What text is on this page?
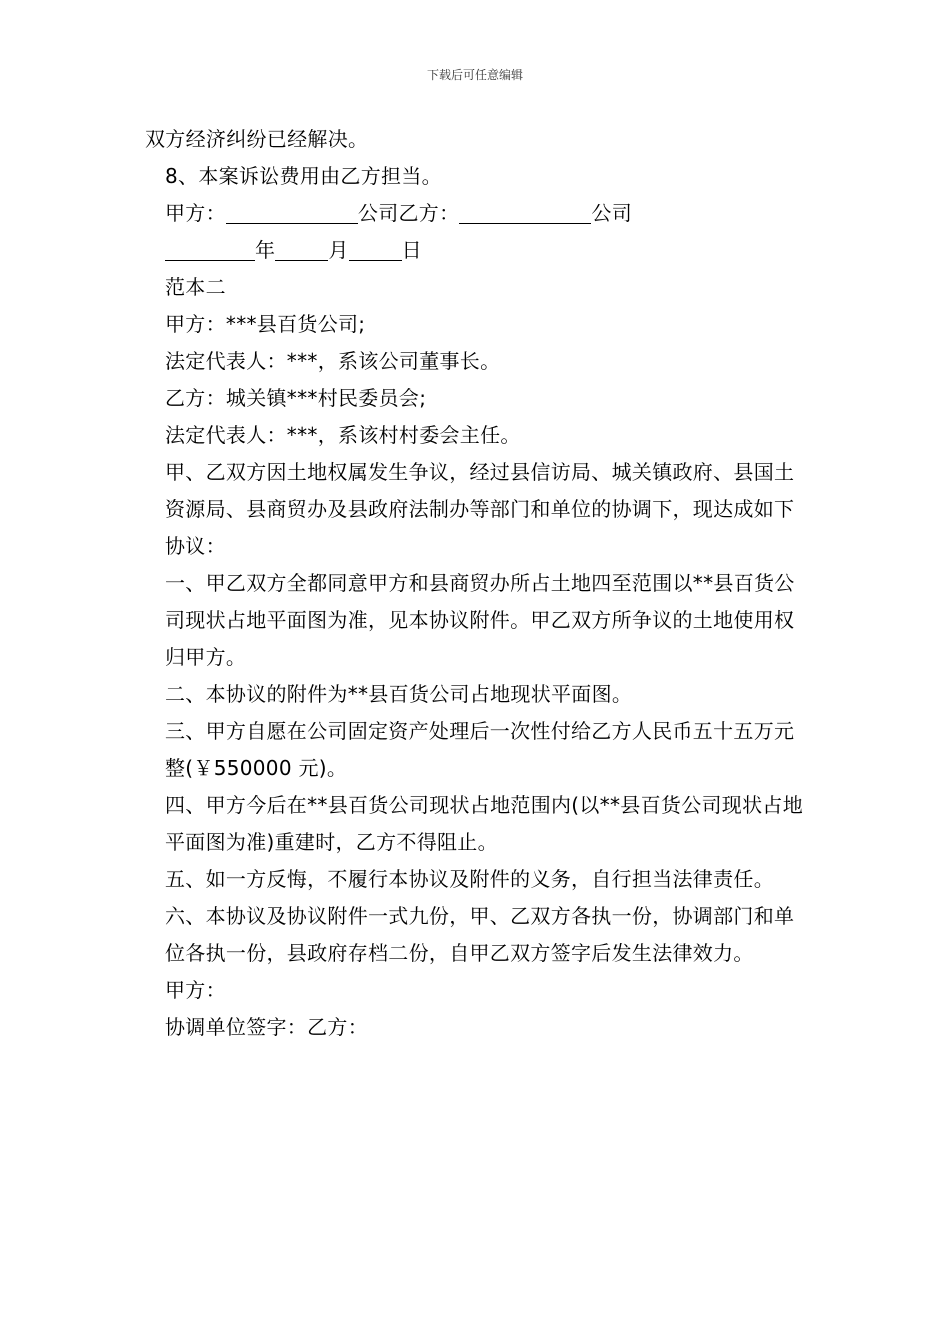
下载后可任意编辑

双方经济纠纷已经解决。

8、本案诉讼费用由乙方担当。

甲方：	公司乙方：	公司

年	月	日

范本二

甲方：***县百货公司;

法定代表人：***，系该公司董事长。

乙方：城关镇***村民委员会;

法定代表人：***，系该村村委会主任。

甲、乙双方因土地权属发生争议，经过县信访局、城关镇政府、县国土资源局、县商贸办及县政府法制办等部门和单位的协调下，现达成如下协议：

一、甲乙双方全都同意甲方和县商贸办所占土地四至范围以**县百货公司现状占地平面图为准，见本协议附件。甲乙双方所争议的土地使用权归甲方。

二、本协议的附件为**县百货公司占地现状平面图。

三、甲方自愿在公司固定资产处理后一次性付给乙方人民币五十五万元整(￥550000 元)。

四、甲方今后在**县百货公司现状占地范围内(以**县百货公司现状占地平面图为准)重建时，乙方不得阻止。

五、如一方反悔，不履行本协议及附件的义务，自行担当法律责任。

六、本协议及协议附件一式九份，甲、乙双方各执一份，协调部门和单位各执一份，县政府存档二份，自甲乙双方签字后发生法律效力。

甲方：

协调单位签字：乙方：
